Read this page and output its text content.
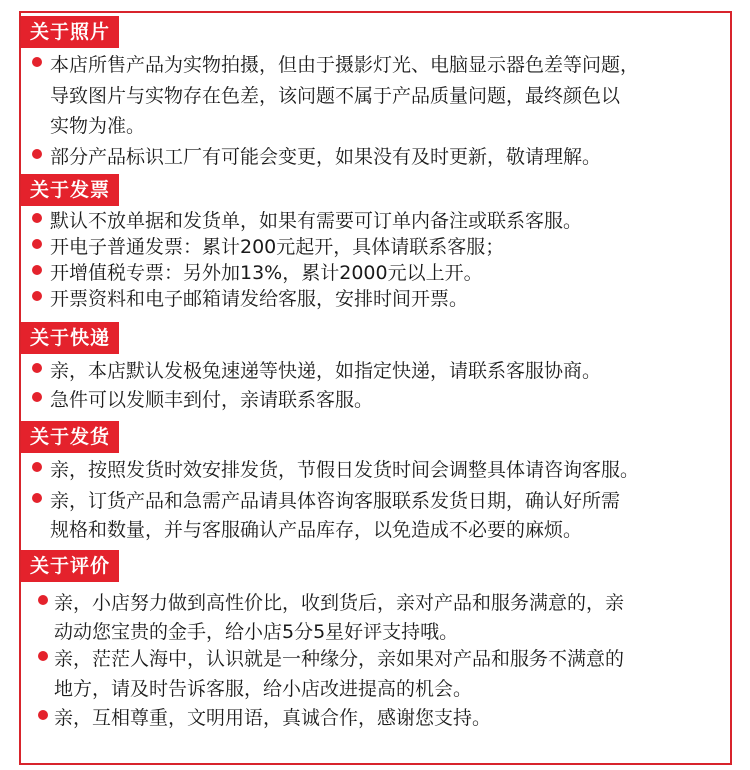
关于照片
本店所售产品为实物拍摄，但由于摄影灯光、电脑显示器色差等问题，
导致图片与实物存在色差，该问题不属于产品质量问题，最终颜色以
实物为准。
部分产品标识工厂有可能会变更，如果没有及时更新，敬请理解。
关于发票
默认不放单据和发货单，如果有需要可订单内备注或联系客服。
开电子普通发票：累计200元起开，具体请联系客服；
开增值税专票：另外加13%，累计2000元以上开。
开票资料和电子邮箱请发给客服，安排时间开票。
关于快递
亲，本店默认发极兔速递等快递，如指定快递，请联系客服协商。
急件可以发顺丰到付，亲请联系客服。
关于发货
亲，按照发货时效安排发货，节假日发货时间会调整具体请咨询客服。
亲，订货产品和急需产品请具体咨询客服联系发货日期，确认好所需
规格和数量，并与客服确认产品库存，以免造成不必要的麻烦。
关于评价
亲，小店努力做到高性价比，收到货后，亲对产品和服务满意的，亲
动动您宝贵的金手，给小店5分5星好评支持哦。
亲，茫茫人海中，认识就是一种缘分，亲如果对产品和服务不满意的
地方，请及时告诉客服，给小店改进提高的机会。
亲，互相尊重，文明用语，真诚合作，感谢您支持。
